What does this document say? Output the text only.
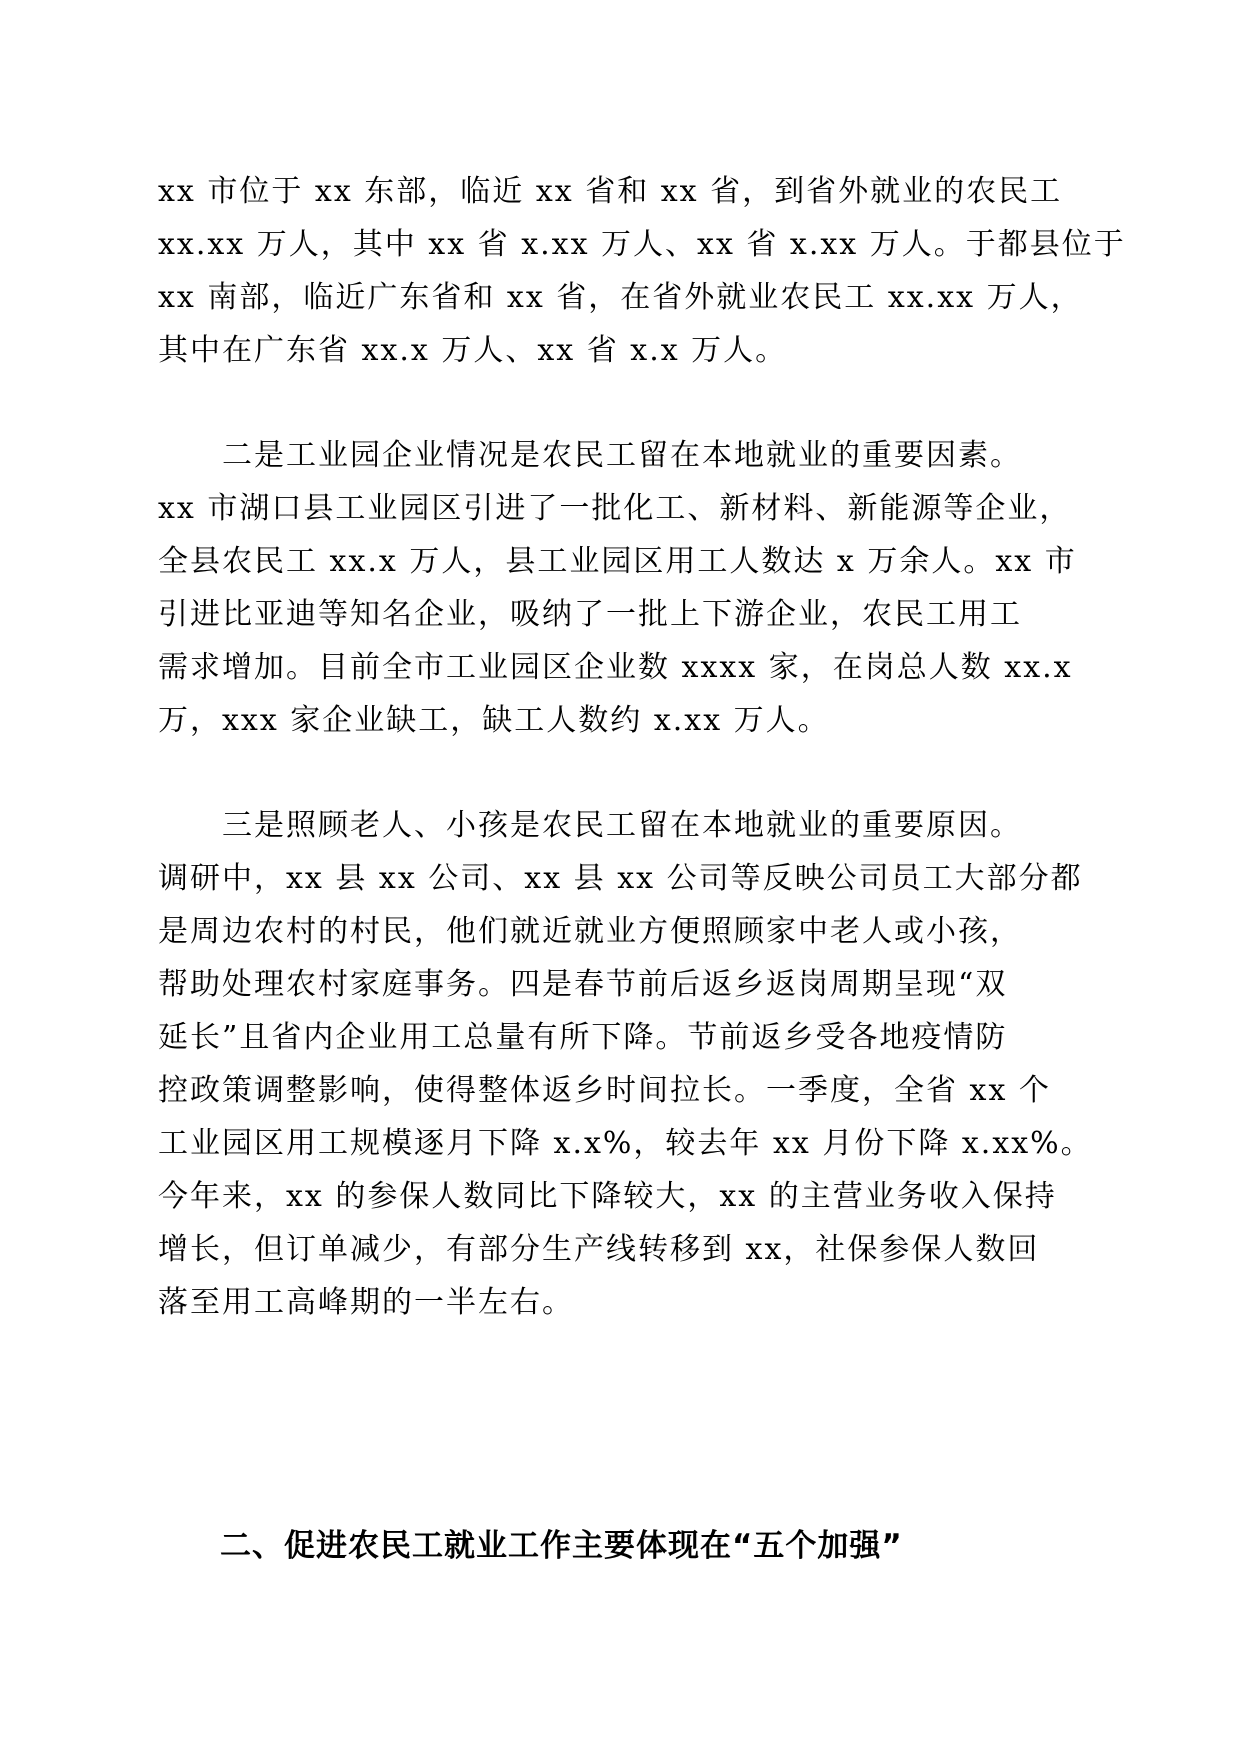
xx 市位于 xx 东部，临近 xx 省和 xx 省，到省外就业的农民工
xx.xx 万人，其中 xx 省 x.xx 万人、xx 省 x.xx 万人。于都县位于
xx 南部，临近广东省和 xx 省，在省外就业农民工 xx.xx 万人，
其中在广东省 xx.x 万人、xx 省 x.x 万人。
　　二是工业园企业情况是农民工留在本地就业的重要因素。
xx 市湖口县工业园区引进了一批化工、新材料、新能源等企业，
全县农民工 xx.x 万人，县工业园区用工人数达 x 万余人。xx 市
引进比亚迪等知名企业，吸纳了一批上下游企业，农民工用工
需求增加。目前全市工业园区企业数 xxxx 家，在岗总人数 xx.x
万，xxx 家企业缺工，缺工人数约 x.xx 万人。
　　三是照顾老人、小孩是农民工留在本地就业的重要原因。
调研中，xx 县 xx 公司、xx 县 xx 公司等反映公司员工大部分都
是周边农村的村民，他们就近就业方便照顾家中老人或小孩，
帮助处理农村家庭事务。四是春节前后返乡返岗周期呈现“双
延长”且省内企业用工总量有所下降。节前返乡受各地疫情防
控政策调整影响，使得整体返乡时间拉长。一季度，全省 xx 个
工业园区用工规模逐月下降 x.x%，较去年 xx 月份下降 x.xx%。
今年来，xx 的参保人数同比下降较大，xx 的主营业务收入保持
增长，但订单减少，有部分生产线转移到 xx，社保参保人数回
落至用工高峰期的一半左右。
二、促进农民工就业工作主要体现在“五个加强”
